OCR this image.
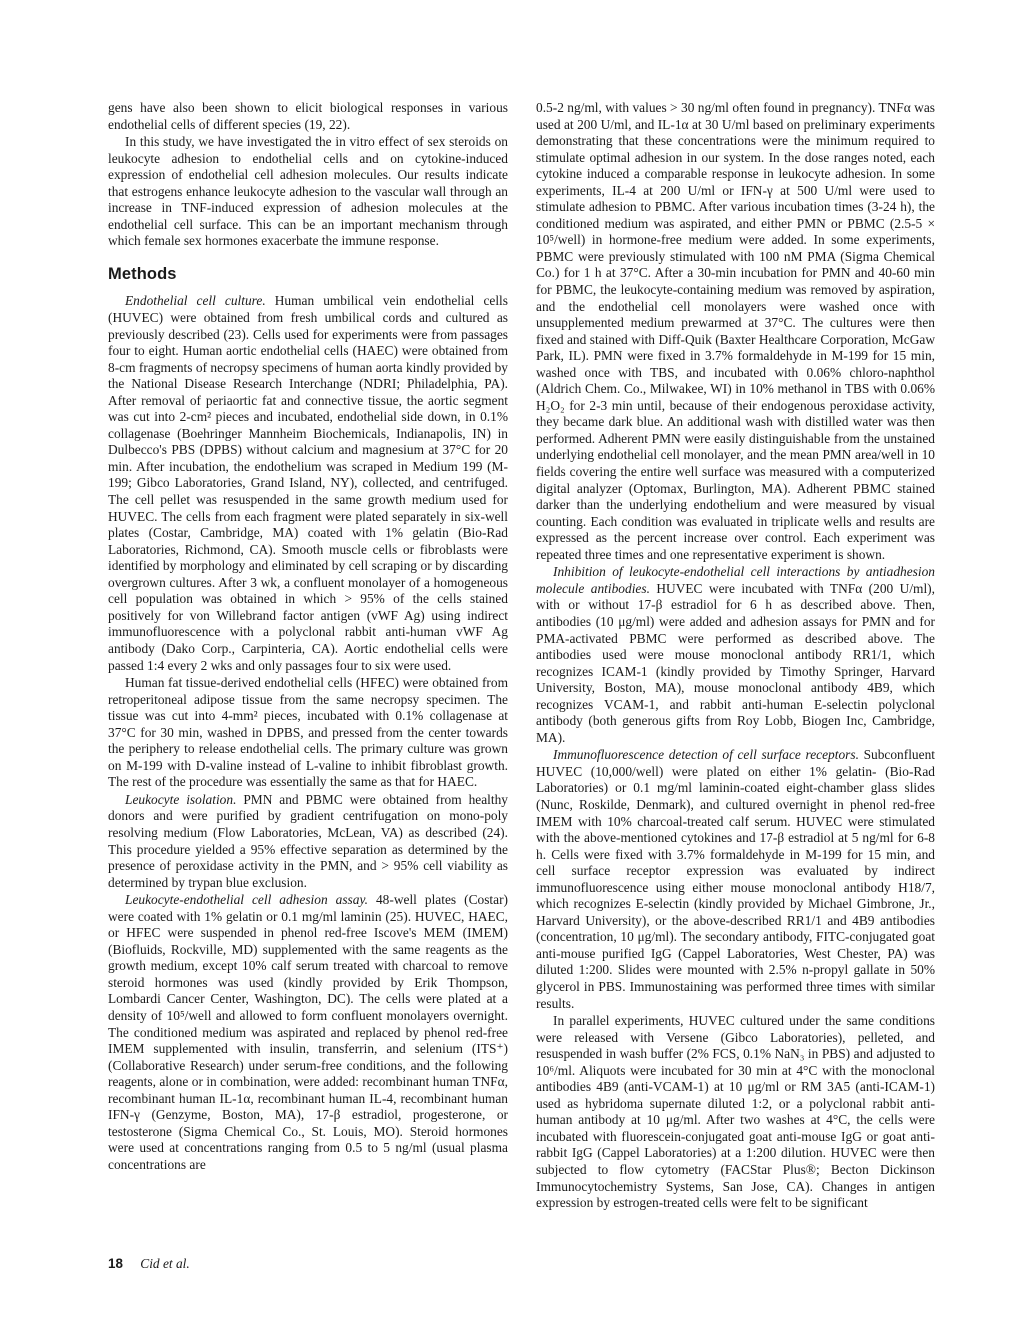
gens have also been shown to elicit biological responses in various endothelial cells of different species (19, 22).

In this study, we have investigated the in vitro effect of sex steroids on leukocyte adhesion to endothelial cells and on cytokine-induced expression of endothelial cell adhesion molecules. Our results indicate that estrogens enhance leukocyte adhesion to the vascular wall through an increase in TNF-induced expression of adhesion molecules at the endothelial cell surface. This can be an important mechanism through which female sex hormones exacerbate the immune response.

Methods

Endothelial cell culture. Human umbilical vein endothelial cells (HUVEC) were obtained from fresh umbilical cords and cultured as previously described (23). Cells used for experiments were from passages four to eight. Human aortic endothelial cells (HAEC) were obtained from 8-cm fragments of necropsy specimens of human aorta kindly provided by the National Disease Research Interchange (NDRI; Philadelphia, PA). After removal of periaortic fat and connective tissue, the aortic segment was cut into 2-cm² pieces and incubated, endothelial side down, in 0.1% collagenase (Boehringer Mannheim Biochemicals, Indianapolis, IN) in Dulbecco's PBS (DPBS) without calcium and magnesium at 37°C for 20 min. After incubation, the endothelium was scraped in Medium 199 (M-199; Gibco Laboratories, Grand Island, NY), collected, and centrifuged. The cell pellet was resuspended in the same growth medium used for HUVEC. The cells from each fragment were plated separately in six-well plates (Costar, Cambridge, MA) coated with 1% gelatin (Bio-Rad Laboratories, Richmond, CA). Smooth muscle cells or fibroblasts were identified by morphology and eliminated by cell scraping or by discarding overgrown cultures. After 3 wk, a confluent monolayer of a homogeneous cell population was obtained in which > 95% of the cells stained positively for von Willebrand factor antigen (vWF Ag) using indirect immunofluorescence with a polyclonal rabbit anti-human vWF Ag antibody (Dako Corp., Carpinteria, CA). Aortic endothelial cells were passed 1:4 every 2 wks and only passages four to six were used.

Human fat tissue-derived endothelial cells (HFEC) were obtained from retroperitoneal adipose tissue from the same necropsy specimen. The tissue was cut into 4-mm² pieces, incubated with 0.1% collagenase at 37°C for 30 min, washed in DPBS, and pressed from the center towards the periphery to release endothelial cells. The primary culture was grown on M-199 with D-valine instead of L-valine to inhibit fibroblast growth. The rest of the procedure was essentially the same as that for HAEC.

Leukocyte isolation. PMN and PBMC were obtained from healthy donors and were purified by gradient centrifugation on mono-poly resolving medium (Flow Laboratories, McLean, VA) as described (24). This procedure yielded a 95% effective separation as determined by the presence of peroxidase activity in the PMN, and > 95% cell viability as determined by trypan blue exclusion.

Leukocyte-endothelial cell adhesion assay. 48-well plates (Costar) were coated with 1% gelatin or 0.1 mg/ml laminin (25). HUVEC, HAEC, or HFEC were suspended in phenol red-free Iscove's MEM (IMEM) (Biofluids, Rockville, MD) supplemented with the same reagents as the growth medium, except 10% calf serum treated with charcoal to remove steroid hormones was used (kindly provided by Erik Thompson, Lombardi Cancer Center, Washington, DC). The cells were plated at a density of 10⁵/well and allowed to form confluent monolayers overnight. The conditioned medium was aspirated and replaced by phenol red-free IMEM supplemented with insulin, transferrin, and selenium (ITS⁺) (Collaborative Research) under serum-free conditions, and the following reagents, alone or in combination, were added: recombinant human TNFα, recombinant human IL-1α, recombinant human IL-4, recombinant human IFN-γ (Genzyme, Boston, MA), 17-β estradiol, progesterone, or testosterone (Sigma Chemical Co., St. Louis, MO). Steroid hormones were used at concentrations ranging from 0.5 to 5 ng/ml (usual plasma concentrations are

0.5-2 ng/ml, with values > 30 ng/ml often found in pregnancy). TNFα was used at 200 U/ml, and IL-1α at 30 U/ml based on preliminary experiments demonstrating that these concentrations were the minimum required to stimulate optimal adhesion in our system. In the dose ranges noted, each cytokine induced a comparable response in leukocyte adhesion. In some experiments, IL-4 at 200 U/ml or IFN-γ at 500 U/ml were used to stimulate adhesion to PBMC. After various incubation times (3-24 h), the conditioned medium was aspirated, and either PMN or PBMC (2.5-5 × 10⁵/well) in hormone-free medium were added. In some experiments, PBMC were previously stimulated with 100 nM PMA (Sigma Chemical Co.) for 1 h at 37°C. After a 30-min incubation for PMN and 40-60 min for PBMC, the leukocyte-containing medium was removed by aspiration, and the endothelial cell monolayers were washed once with unsupplemented medium prewarmed at 37°C. The cultures were then fixed and stained with Diff-Quik (Baxter Healthcare Corporation, McGaw Park, IL). PMN were fixed in 3.7% formaldehyde in M-199 for 15 min, washed once with TBS, and incubated with 0.06% chloro-naphthol (Aldrich Chem. Co., Milwakee, WI) in 10% methanol in TBS with 0.06% H₂O₂ for 2-3 min until, because of their endogenous peroxidase activity, they became dark blue. An additional wash with distilled water was then performed. Adherent PMN were easily distinguishable from the unstained underlying endothelial cell monolayer, and the mean PMN area/well in 10 fields covering the entire well surface was measured with a computerized digital analyzer (Optomax, Burlington, MA). Adherent PBMC stained darker than the underlying endothelium and were measured by visual counting. Each condition was evaluated in triplicate wells and results are expressed as the percent increase over control. Each experiment was repeated three times and one representative experiment is shown.

Inhibition of leukocyte-endothelial cell interactions by antiadhesion molecule antibodies. HUVEC were incubated with TNFα (200 U/ml), with or without 17-β estradiol for 6 h as described above. Then, antibodies (10 μg/ml) were added and adhesion assays for PMN and for PMA-activated PBMC were performed as described above. The antibodies used were mouse monoclonal antibody RR1/1, which recognizes ICAM-1 (kindly provided by Timothy Springer, Harvard University, Boston, MA), mouse monoclonal antibody 4B9, which recognizes VCAM-1, and rabbit anti-human E-selectin polyclonal antibody (both generous gifts from Roy Lobb, Biogen Inc, Cambridge, MA).

Immunofluorescence detection of cell surface receptors. Subconfluent HUVEC (10,000/well) were plated on either 1% gelatin- (Bio-Rad Laboratories) or 0.1 mg/ml laminin-coated eight-chamber glass slides (Nunc, Roskilde, Denmark), and cultured overnight in phenol red-free IMEM with 10% charcoal-treated calf serum. HUVEC were stimulated with the above-mentioned cytokines and 17-β estradiol at 5 ng/ml for 6-8 h. Cells were fixed with 3.7% formaldehyde in M-199 for 15 min, and cell surface receptor expression was evaluated by indirect immunofluorescence using either mouse monoclonal antibody H18/7, which recognizes E-selectin (kindly provided by Michael Gimbrone, Jr., Harvard University), or the above-described RR1/1 and 4B9 antibodies (concentration, 10 μg/ml). The secondary antibody, FITC-conjugated goat anti-mouse purified IgG (Cappel Laboratories, West Chester, PA) was diluted 1:200. Slides were mounted with 2.5% n-propyl gallate in 50% glycerol in PBS. Immunostaining was performed three times with similar results.

In parallel experiments, HUVEC cultured under the same conditions were released with Versene (Gibco Laboratories), pelleted, and resuspended in wash buffer (2% FCS, 0.1% NaN₃ in PBS) and adjusted to 10⁶/ml. Aliquots were incubated for 30 min at 4°C with the monoclonal antibodies 4B9 (anti-VCAM-1) at 10 μg/ml or RM 3A5 (anti-ICAM-1) used as hybridoma supernate diluted 1:2, or a polyclonal rabbit anti-human antibody at 10 μg/ml. After two washes at 4°C, the cells were incubated with fluorescein-conjugated goat anti-mouse IgG or goat anti-rabbit IgG (Cappel Laboratories) at a 1:200 dilution. HUVEC were then subjected to flow cytometry (FACStar Plus®; Becton Dickinson Immunocytochemistry Systems, San Jose, CA). Changes in antigen expression by estrogen-treated cells were felt to be significant

18 Cid et al.
